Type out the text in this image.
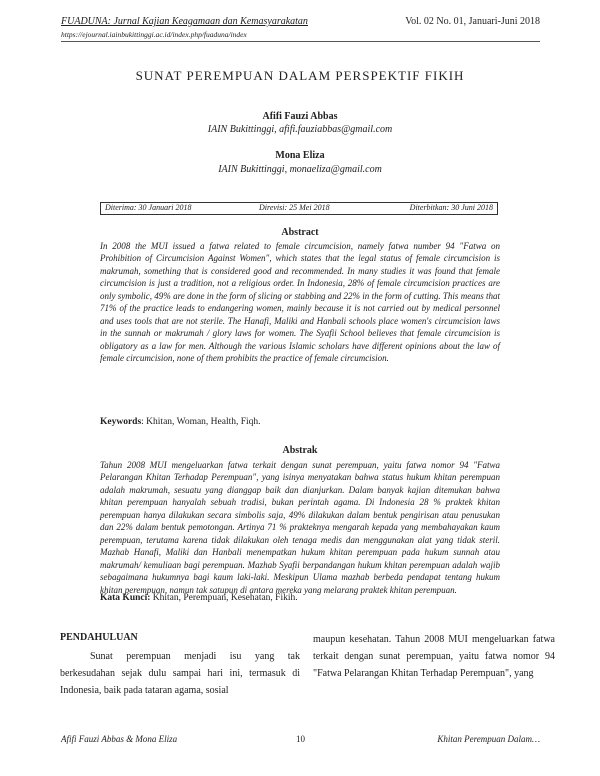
FUADUNA: Jurnal Kajian Keagamaan dan Kemasyarakatan	Vol. 02 No. 01, Januari-Juni 2018
https://ejournal.iainbukittinggi.ac.id/index.php/fuaduna/index
SUNAT PEREMPUAN DALAM PERSPEKTIF FIKIH
Afifi Fauzi Abbas
IAIN Bukittinggi, afifi.fauziabbas@gmail.com
Mona Eliza
IAIN Bukittinggi, monaeliza@gmail.com
Diterima: 30 Januari 2018	Direvisi: 25 Mei 2018	Diterbitkan: 30 Juni 2018
Abstract

In 2008 the MUI issued a fatwa related to female circumcision, namely fatwa number 94 "Fatwa on Prohibition of Circumcision Against Women", which states that the legal status of female circumcision is makrumah, something that is considered good and recommended. In many studies it was found that female circumcision is just a tradition, not a religious order. In Indonesia, 28% of female circumcision practices are only symbolic, 49% are done in the form of slicing or stabbing and 22% in the form of cutting. This means that 71% of the practice leads to endangering women, mainly because it is not carried out by medical personnel and uses tools that are not sterile. The Hanafi, Maliki and Hanbali schools place women's circumcision laws in the sunnah or makrumah / glory laws for women. The Syafii School believes that female circumcision is obligatory as a law for men. Although the various Islamic scholars have different opinions about the law of female circumcision, none of them prohibits the practice of female circumcision.

Keywords: Khitan, Woman, Health, Fiqh.
Abstrak

Tahun 2008 MUI mengeluarkan fatwa terkait dengan sunat perempuan, yaitu fatwa nomor 94 "Fatwa Pelarangan Khitan Terhadap Perempuan", yang isinya menyatakan bahwa status hukum khitan perempuan adalah makrumah, sesuatu yang dianggap baik dan dianjurkan. Dalam banyak kajian ditemukan bahwa khitan perempuan hanyalah sebuah tradisi, bukan perintah agama. Di Indonesia 28 % praktek khitan perempuan hanya dilakukan secara simbolis saja, 49% dilakukan dalam bentuk pengirisan atau penusukan dan 22% dalam bentuk pemotongan. Artinya 71 % prakteknya mengarah kepada yang membahayakan kaum perempuan, terutama karena tidak dilakukan oleh tenaga medis dan menggunakan alat yang tidak steril. Mazhab Hanafi, Maliki dan Hanbali menempatkan hukum khitan perempuan pada hukum sunnah atau makrumah/ kemuliaan bagi perempuan. Mazhab Syafii berpandangan hukum khitan perempuan adalah wajib sebagaimana hukumnya bagi kaum laki-laki. Meskipun Ulama mazhab berbeda pendapat tentang hukum khitan perempuan, namun tak satupun di antara mereka yang melarang praktek khitan perempuan.

Kata Kunci: Khitan, Perempuan, Kesehatan, Fikih.
PENDAHULUAN

Sunat perempuan menjadi isu yang tak berkesudahan sejak dulu sampai hari ini, termasuk di Indonesia, baik pada tataran agama, sosial

maupun kesehatan. Tahun 2008 MUI mengeluarkan fatwa terkait dengan sunat perempuan, yaitu fatwa nomor 94 "Fatwa Pelarangan Khitan Terhadap Perempuan", yang

Afifi Fauzi Abbas & Mona Eliza	10	Khitan Perempuan Dalam…
